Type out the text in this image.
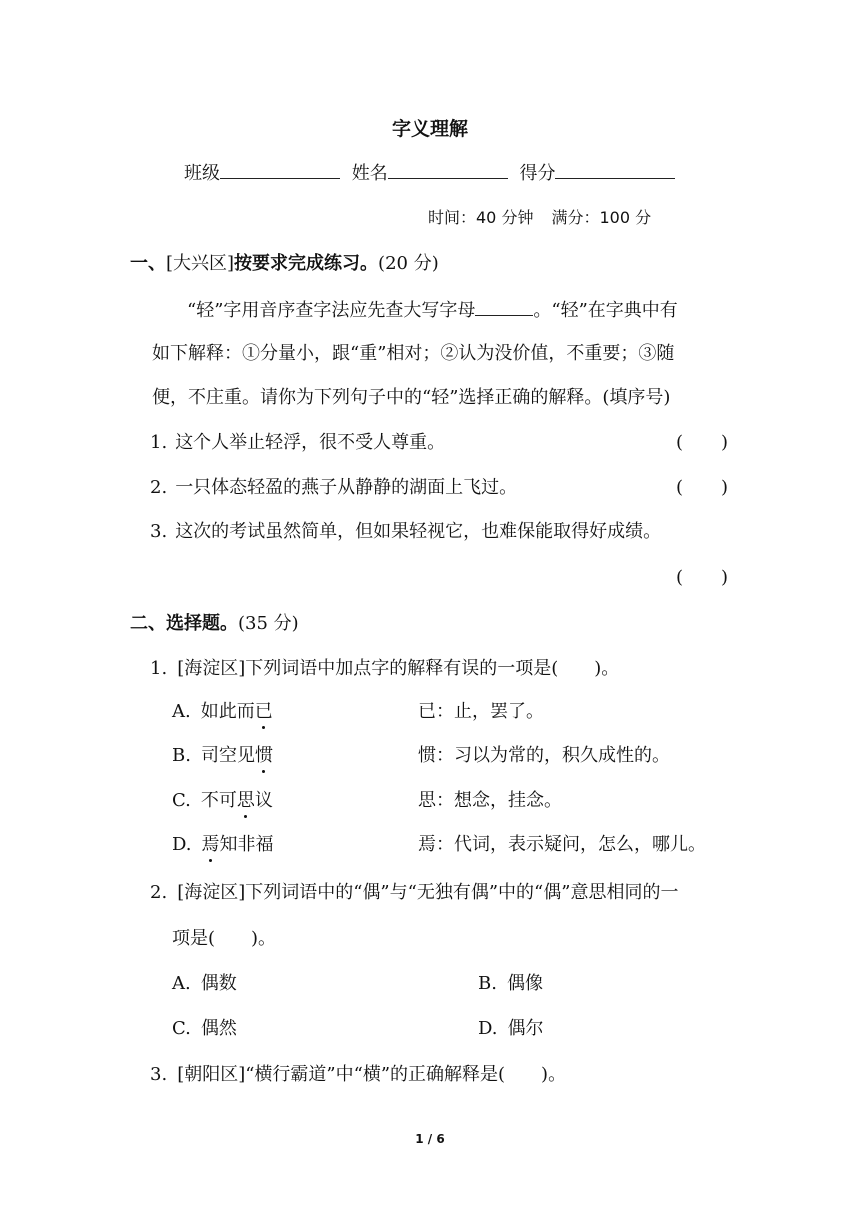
字义理解
班级	姓名	得分
时间：40 分钟 满分：100 分
一、[大兴区]按要求完成练习。(20 分)
“轻”字用音序查字法应先查大写字母	。“轻”在字典中有
如下解释：①分量小，跟“重”相对；②认为没价值，不重要；③随
便，不庄重。请你为下列句子中的“轻”选择正确的解释。(填序号)
1. 这个人举止轻浮，很不受人尊重。	( )
2. 一只体态轻盈的燕子从静静的湖面上飞过。	( )
3. 这次的考试虽然简单，但如果轻视它，也难保能取得好成绩。
( )
二、选择题。(35 分)
1. [海淀区]下列词语中加点字的解释有误的一项是(　　)。
A. 如此而已	已：止，罢了。
B. 司空见惯	惯：习以为常的，积久成性的。
C. 不可思议	思：想念，挂念。
D. 焉知非福	焉：代词，表示疑问，怎么，哪儿。
2. [海淀区]下列词语中的“偶”与“无独有偶”中的“偶”意思相同的一
项是(　　)。
A. 偶数	B. 偶像
C. 偶然	D. 偶尔
3. [朝阳区]“横行霸道”中“横”的正确解释是(　　)。
1 / 6
